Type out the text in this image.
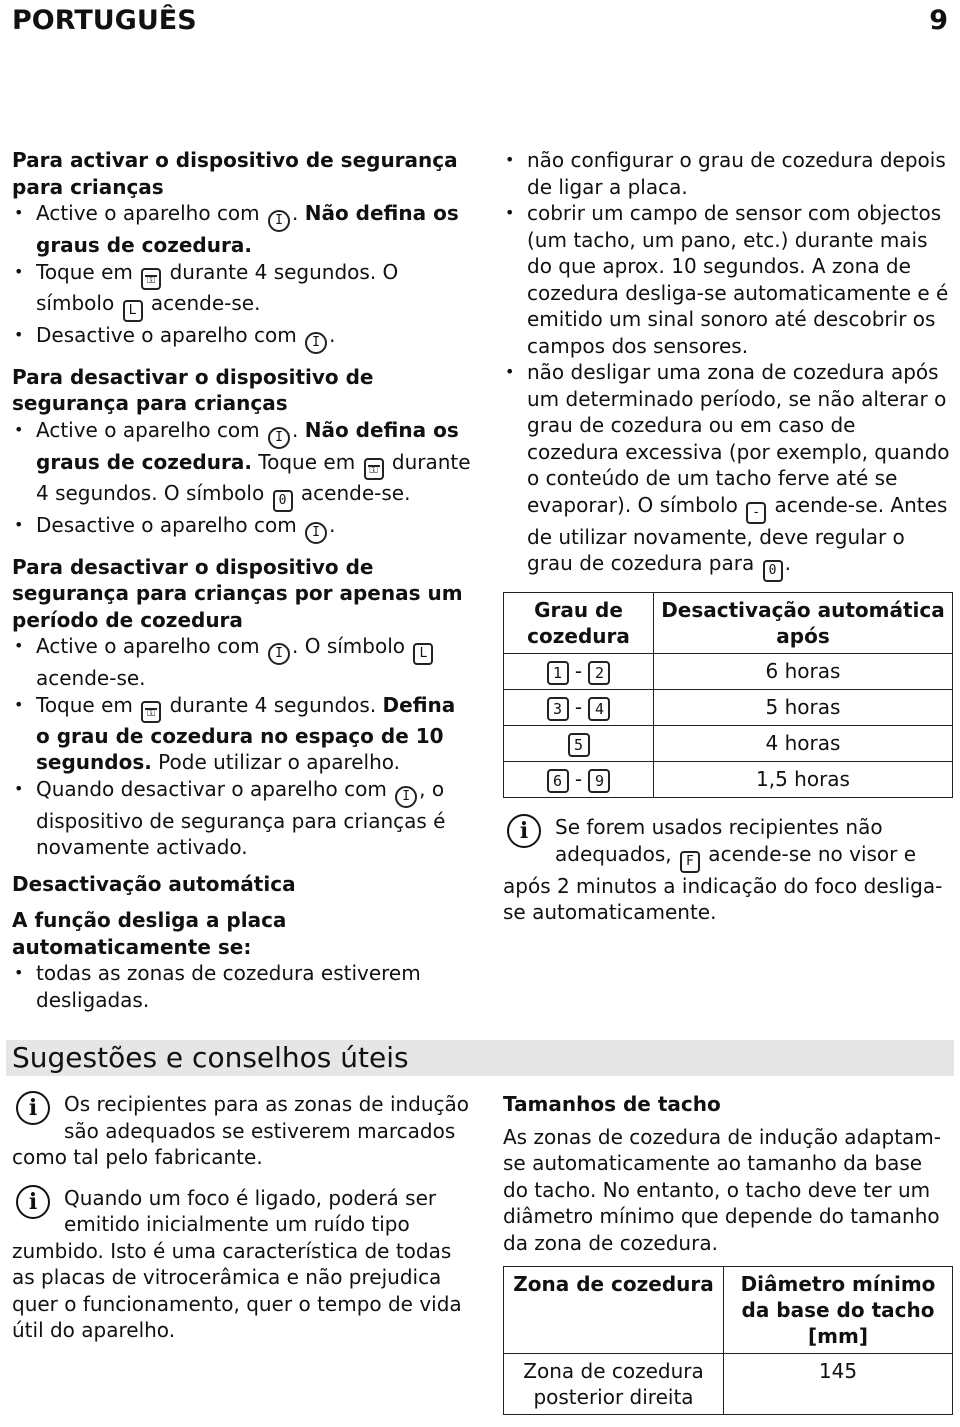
PORTUGUÊS	9
Para activar o dispositivo de segurança para crianças
• Active o aparelho com I . Não defina os graus de cozedura.
• Toque em ⚿ durante 4 segundos. O símbolo L acende-se.
• Desactive o aparelho com I .
Para desactivar o dispositivo de segurança para crianças
• Active o aparelho com I . Não defina os graus de cozedura. Toque em ⚿ durante 4 segundos. O símbolo 0 acende-se.
• Desactive o aparelho com I .
Para desactivar o dispositivo de segurança para crianças por apenas um período de cozedura
• Active o aparelho com I . O símbolo L
acende-se.
• Toque em ⚿ durante 4 segundos. Defina o grau de cozedura no espaço de 10 segundos. Pode utilizar o aparelho.
• Quando desactivar o aparelho com I , o dispositivo de segurança para crianças é novamente activado.
Desactivação automática
A função desliga a placa automaticamente se:
• todas as zonas de cozedura estiverem desligadas.
• não configurar o grau de cozedura depois de ligar a placa.
• cobrir um campo de sensor com objectos (um tacho, um pano, etc.) durante mais do que aprox. 10 segundos. A zona de cozedura desliga-se automaticamente e é emitido um sinal sonoro até descobrir os campos dos sensores.
• não desligar uma zona de cozedura após um determinado período, se não alterar o grau de cozedura ou em caso de cozedura excessiva (por exemplo, quando o conteúdo de um tacho ferve até se evaporar). O símbolo - acende-se. Antes de utilizar novamente, deve regular o grau de cozedura para 0 .
Grau de cozedura	Desactivação automática após
1 - 2	6 horas
3 - 4	5 horas
5	4 horas
6 - 9	1,5 horas
i	Se forem usados recipientes não adequados, F acende-se no visor e após 2 minutos a indicação do foco desliga-se automaticamente.
Sugestões e conselhos úteis
i	Os recipientes para as zonas de indução são adequados se estiverem marcados como tal pelo fabricante.
i	Quando um foco é ligado, poderá ser emitido inicialmente um ruído tipo zumbido. Isto é uma característica de todas as placas de vitrocerâmica e não prejudica quer o funcionamento, quer o tempo de vida útil do aparelho.
Tamanhos de tacho

As zonas de cozedura de indução adaptam-se automaticamente ao tamanho da base do tacho. No entanto, o tacho deve ter um diâmetro mínimo que depende do tamanho da zona de cozedura.

Zona de cozedura	Diâmetro mínimo da base do tacho [mm]
Zona de cozedura posterior direita	145
